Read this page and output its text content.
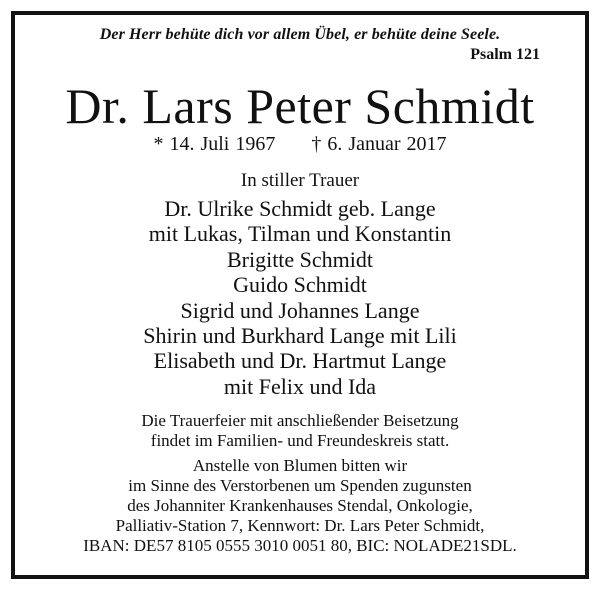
Der Herr behüte dich vor allem Übel, er behüte deine Seele.
Psalm 121
Dr. Lars Peter Schmidt
* 14. Juli 1967 † 6. Januar 2017
In stiller Trauer
Dr. Ulrike Schmidt geb. Lange
mit Lukas, Tilman und Konstantin
Brigitte Schmidt
Guido Schmidt
Sigrid und Johannes Lange
Shirin und Burkhard Lange mit Lili
Elisabeth und Dr. Hartmut Lange
mit Felix und Ida
Die Trauerfeier mit anschließender Beisetzung
findet im Familien- und Freundeskreis statt.
Anstelle von Blumen bitten wir
im Sinne des Verstorbenen um Spenden zugunsten
des Johanniter Krankenhauses Stendal, Onkologie,
Palliativ-Station 7, Kennwort: Dr. Lars Peter Schmidt,
IBAN: DE57 8105 0555 3010 0051 80, BIC: NOLADE21SDL.
